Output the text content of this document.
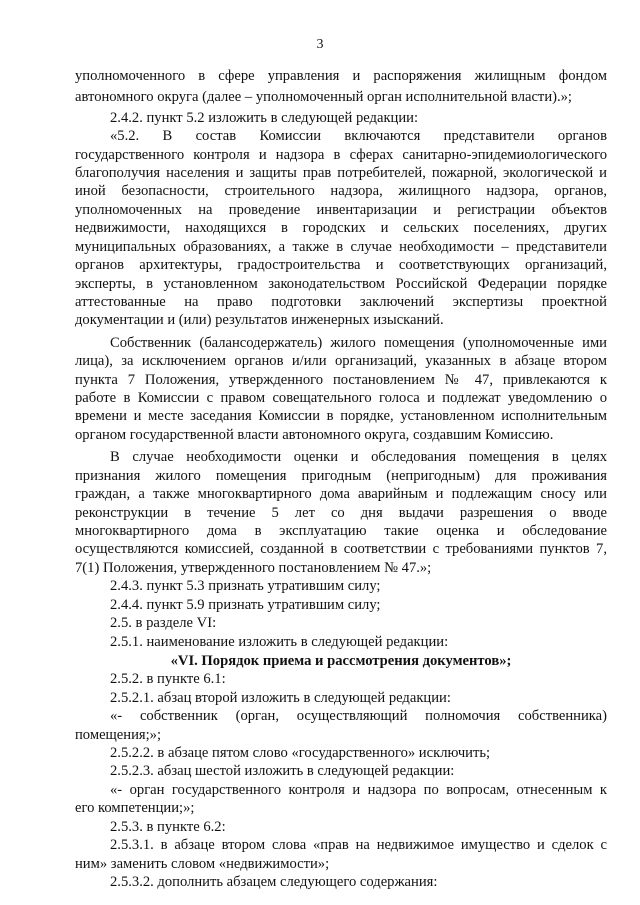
3
уполномоченного в сфере управления и распоряжения жилищным фондом
автономного округа (далее – уполномоченный орган исполнительной власти).»;
2.4.2. пункт 5.2 изложить в следующей редакции:
«5.2. В состав Комиссии включаются представители органов
государственного контроля и надзора в сферах санитарно-эпидемиологического
благополучия населения и защиты прав потребителей, пожарной, экологической и
иной безопасности, строительного надзора, жилищного надзора, органов,
уполномоченных на проведение инвентаризации и регистрации объектов
недвижимости, находящихся в городских и сельских поселениях, других
муниципальных образованиях, а также в случае необходимости – представители
органов архитектуры, градостроительства и соответствующих организаций,
эксперты, в установленном законодательством Российской Федерации порядке
аттестованные на право подготовки заключений экспертизы проектной
документации и (или) результатов инженерных изысканий.
Собственник (балансодержатель) жилого помещения (уполномоченные ими
лица), за исключением органов и/или организаций, указанных в абзаце втором
пункта 7 Положения, утвержденного постановлением № 47, привлекаются к
работе в Комиссии с правом совещательного голоса и подлежат уведомлению о
времени и месте заседания Комиссии в порядке, установленном исполнительным
органом государственной власти автономного округа, создавшим Комиссию.
В случае необходимости оценки и обследования помещения в целях
признания жилого помещения пригодным (непригодным) для проживания
граждан, а также многоквартирного дома аварийным и подлежащим сносу или
реконструкции в течение 5 лет со дня выдачи разрешения о вводе
многоквартирного дома в эксплуатацию такие оценка и обследование
осуществляются комиссией, созданной в соответствии с требованиями пунктов 7,
7(1) Положения, утвержденного постановлением № 47.»;
2.4.3. пункт 5.3 признать утратившим силу;
2.4.4. пункт 5.9 признать утратившим силу;
2.5. в разделе VI:
2.5.1. наименование изложить в следующей редакции:
«VI. Порядок приема и рассмотрения документов»;
2.5.2. в пункте 6.1:
2.5.2.1. абзац второй изложить в следующей редакции:
«- собственник (орган, осуществляющий полномочия собственника)
помещения;»;
2.5.2.2. в абзаце пятом слово «государственного» исключить;
2.5.2.3. абзац шестой изложить в следующей редакции:
«- орган государственного контроля и надзора по вопросам, отнесенным к
его компетенции;»;
2.5.3. в пункте 6.2:
2.5.3.1. в абзаце втором слова «прав на недвижимое имущество и сделок с
ним» заменить словом «недвижимости»;
2.5.3.2. дополнить абзацем следующего содержания:
